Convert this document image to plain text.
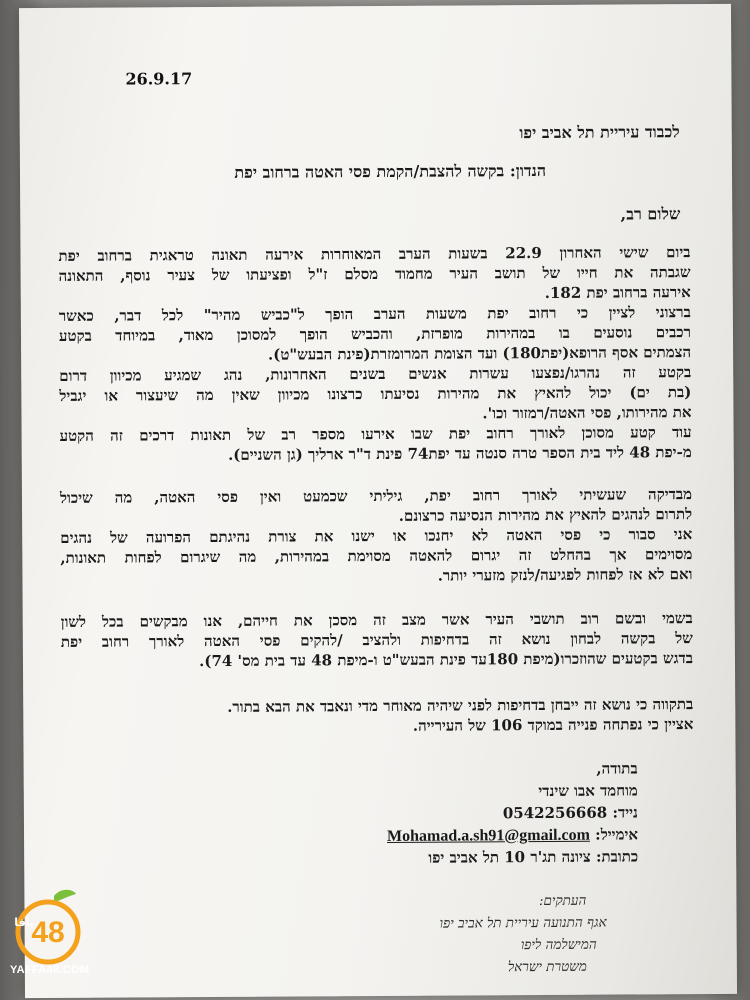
26.9.17
לכבוד עיריית תל אביב יפו
הנדון: בקשה להצבת/הקמת פסי האטה ברחוב יפת
שלום רב,
ביום שישי האחרון 22.9 בשעות הערב המאוחרות אירעה תאונה טראגית ברחוב יפת
שגבתה את חייו של תושב העיר מחמוד מסלם ז"ל ופציעתו של צעיר נוסף, התאונה
אירעה ברחוב יפת 182.
ברצוני לציין כי רחוב יפת משעות הערב הופך ל"כביש מהיר" לכל דבר, כאשר
רכבים נוסעים בו במהירות מופרזת, והכביש הופך למסוכן מאוד, במיוחד בקטע
הצמתים אסף הרופא(יפת180) ועד הצומת המרומזרת(פינת הבעש"ט).
בקטע זה נהרגו/נפצעו עשרות אנשים בשנים האחרונות, נהג שמגיע מכיוון דרום
(בת ים) יכול להאיץ את מהירות נסיעתו כרצונו מכיוון שאין מה שיעצור או יגביל
את מהירותו, פסי האטה/רמזור וכו'.
עוד קטע מסוכן לאורך רחוב יפת שבו אירעו מספר רב של תאונות דרכים זה הקטע
מ-יפת 48 ליד בית הספר טרה סנטה עד יפת74 פינת ד"ר ארליך (גן השניים).
מבדיקה שעשיתי לאורך רחוב יפת, גיליתי שכמעט ואין פסי האטה, מה שיכול
לתרום לנהגים להאיץ את מהירות הנסיעה כרצונם.
אני סבור כי פסי האטה לא יחנכו או ישנו את צורת נהיגתם הפרועה של נהגים
מסוימים אך בהחלט זה יגרום להאטה מסוימת במהירות, מה שיגרום לפחות תאונות,
ואם לא אז לפחות לפגיעה/לנזק מזערי יותר.
בשמי ובשם רוב תושבי העיר אשר מצב זה מסכן את חייהם, אנו מבקשים בכל לשון
של בקשה לבחון נושא זה בדחיפות ולהציב /להקים פסי האטה לאורך רחוב יפת
בדגש בקטעים שהוזכרו(מיפת 180עד פינת הבעש"ט ו-מיפת 48 עד בית מס' 74).
בתקווה כי נושא זה ייבחן בדחיפות לפני שיהיה מאוחר מדי ונאבד את הבא בתור.
אציין כי נפתחה פנייה במוקד 106 של העירייה.
בתודה,
מוחמד אבו שינדי
נייד: 0542256668
אימייל: Mohamad.a.sh91@gmail.com
כתובת: ציונה תג'ר 10 תל אביב יפו
העתקים:
אגף התנועה עיריית תל אביב יפו
המישלמה ליפו
משטרת ישראל
48
يافا
YAFFA48.COM
